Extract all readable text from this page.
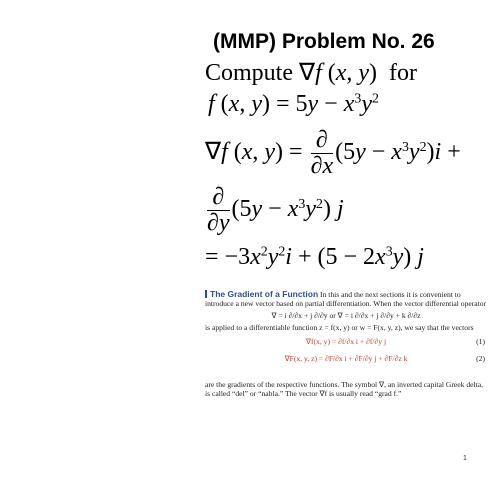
(MMP) Problem No. 26
Compute ∇f (x, y)  for
f (x, $y) = 5y - x^3y^2$
∇f (x, $y) = \frac{\partial}{\partial x} (5y - x^3y^2)i$ +
$\frac{\partial}{\partial y} (5y - x^3y^2)$ j
= $-3x^2y^2i + (5 - 2x^3y)$ j

The Gradient of a Function In this and the next sections it is convenient to introduce a new vector based on partial differentiation. When the vector differential operator

∇ = i ∂/∂x + j ∂/∂y or ∇ = i ∂/∂x + j ∂/∂y + k ∂/∂z

is applied to a differentiable function z = f(x, y) or w = F(x, y, z), we say that the vectors

∇f(x, y) = ∂f/∂x i + ∂f/∂y j	(1)
∇F(x, y, z) = ∂F/∂x i + ∂F/∂y j + ∂F/∂z k	(2)

are the gradients of the respective functions. The symbol ∇, an inverted capital Greek delta, is called “del” or “nabla.” The vector ∇f is usually read “grad f.”

1
